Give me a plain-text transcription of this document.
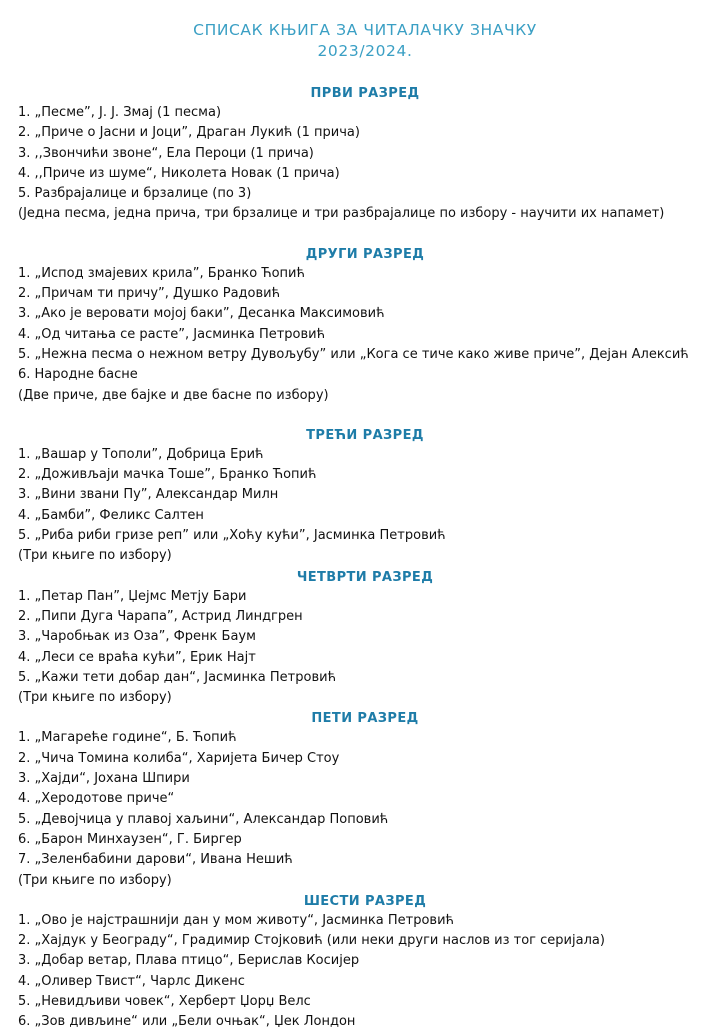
СПИСАК КЊИГА ЗА ЧИТАЛАЧКУ ЗНАЧКУ

2023/2024.

ПРВИ РАЗРЕД

1. „Песме”, Ј. Ј. Змај (1 песма)
2. „Приче о Јасни и Јоци”, Драган Лукић (1 прича)
3. ,,Звончићи звоне“, Ела Пероци (1 прича)
4. ,,Приче из шуме“, Николета Новак (1 прича)
5. Разбрајалице и брзалице (по 3)

(Једна песма, једна прича, три брзалице и три разбрајалице по избору - научити их напамет)

ДРУГИ РАЗРЕД

1. „Испод змајевих крила”, Бранко Ћопић
2. „Причам ти причу”, Душко Радовић
3. „Ако је веровати мојој баки”, Десанка Максимовић
4. „Од читања се расте”, Јасминка Петровић
5. „Нежна песма о нежном ветру Дувољубу” или „Кога се тиче како живе приче”, Дејан Алексић
6. Народне басне

(Две приче, две бајке и две басне по избору)

ТРЕЋИ РАЗРЕД

1. „Вашар у Тополи”, Добрица Ерић
2. „Доживљаји мачка Тоше”, Бранко Ћопић
3. „Вини звани Пу”, Александар Милн
4. „Бамби”, Феликс Салтен
5. „Риба риби гризе реп” или „Хоћу кући”, Јасминка Петровић

(Три књиге по избору)

ЧЕТВРТИ РАЗРЕД

1. „Петар Пан”, Џејмс Метју Бари
2. „Пипи Дуга Чарапа”, Астрид Линдгрен
3. „Чаробњак из Оза”, Френк Баум
4. „Леси се враћа кући”, Ерик Најт
5. „Кажи тети добар дан“, Јасминка Петровић

(Три књиге по избору)

ПЕТИ РАЗРЕД

1. „Магареће године“, Б. Ћопић
2. „Чича Томина колиба“, Харијета Бичер Стоу
3. „Хајди“, Јохана Шпири
4. „Херодотове приче“
5. „Девојчица у плавој хаљини“, Александар Поповић
6. „Барон Минхаузен“, Г. Биргер
7. „Зеленбабини дарови“, Ивана Нешић

(Три књиге по избору)

ШЕСТИ РАЗРЕД

1. „Ово је најстрашнији дан у мом животу“, Јасминка Петровић
2. „Хајдук у Београду“, Градимир Стојковић (или неки други наслов из тог серијала)
3. „Добар ветар, Плава птицо“, Берислав Косијер
4. „Оливер Твист“, Чарлс Дикенс
5. „Невидљиви човек“, Херберт Џорџ Велс
6. „Зов дивљине“ или „Бели очњак“, Џек Лондон
